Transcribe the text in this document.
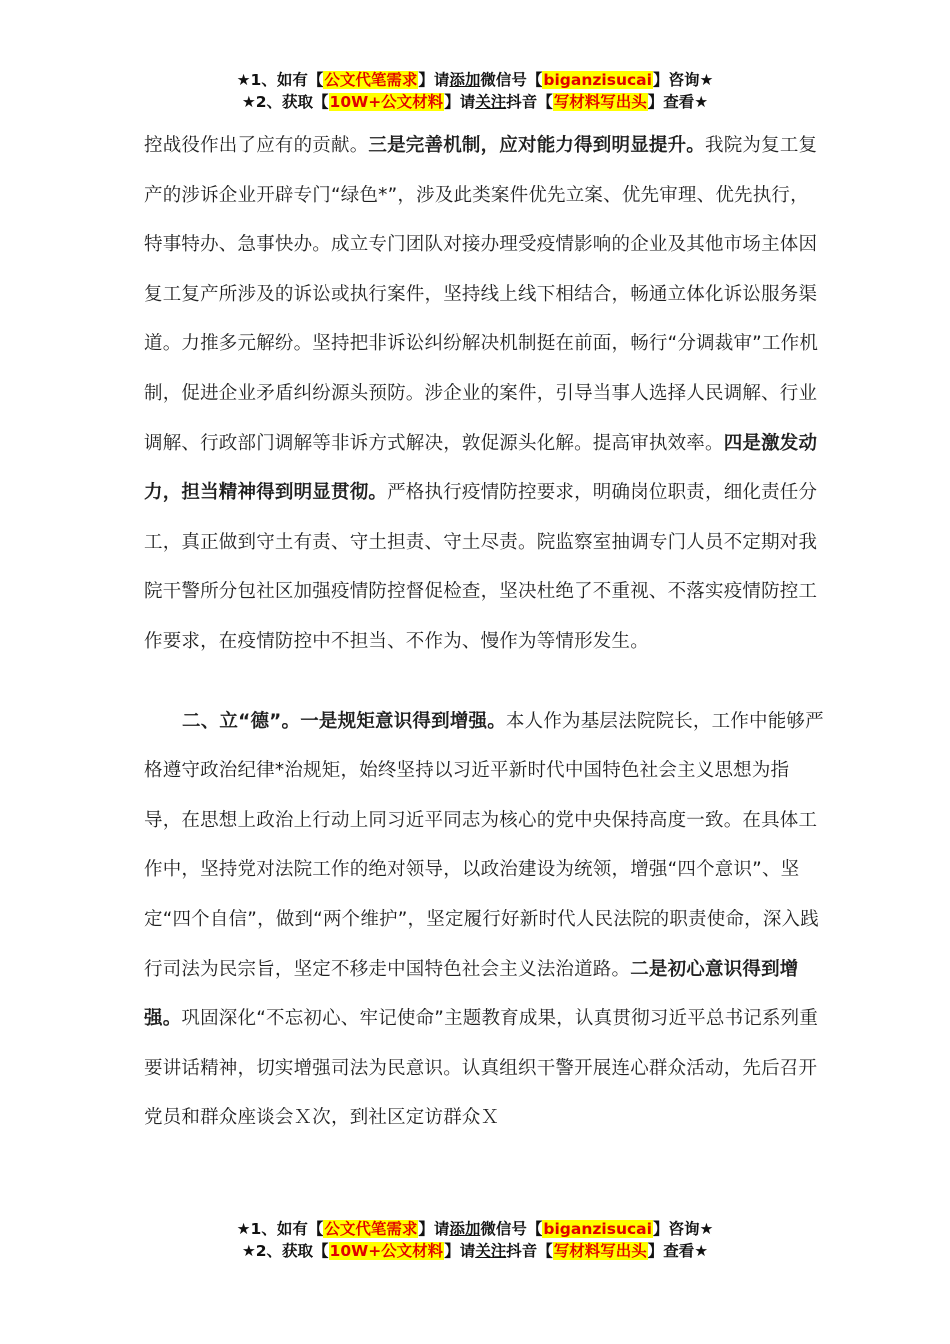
★1、如有【公文代笔需求】请添加微信号【biganzisucai】咨询★
★2、获取【10W+公文材料】请关注抖音【写材料写出头】查看★

控战役作出了应有的贡献。三是完善机制，应对能力得到明显提升。我院为复工复产的涉诉企业开辟专门“绿色*”，涉及此类案件优先立案、优先审理、优先执行，特事特办、急事快办。成立专门团队对接办理受疫情影响的企业及其他市场主体因复工复产所涉及的诉讼或执行案件，坚持线上线下相结合，畅通立体化诉讼服务渠道。力推多元解纷。坚持把非诉讼纠纷解决机制挺在前面，畅行“分调裁审”工作机制，促进企业矛盾纠纷源头预防。涉企业的案件，引导当事人选择人民调解、行业调解、行政部门调解等非诉方式解决，敦促源头化解。提高审执效率。四是激发动力，担当精神得到明显贯彻。严格执行疫情防控要求，明确岗位职责，细化责任分工，真正做到守土有责、守土担责、守土尽责。院监察室抽调专门人员不定期对我院干警所分包社区加强疫情防控督促检查，坚决杜绝了不重视、不落实疫情防控工作要求，在疫情防控中不担当、不作为、慢作为等情形发生。

二、立“德”。一是规矩意识得到增强。本人作为基层法院院长，工作中能够严格遵守政治纪律*治规矩，始终坚持以习近平新时代中国特色社会主义思想为指导，在思想上政治上行动上同习近平同志为核心的党中央保持高度一致。在具体工作中，坚持党对法院工作的绝对领导，以政治建设为统领，增强“四个意识”、坚定“四个自信”，做到“两个维护”，坚定履行好新时代人民法院的职责使命，深入践行司法为民宗旨，坚定不移走中国特色社会主义法治道路。二是初心意识得到增强。巩固深化“不忘初心、牢记使命”主题教育成果，认真贯彻习近平总书记系列重要讲话精神，切实增强司法为民意识。认真组织干警开展连心群众活动，先后召开党员和群众座谈会Ｘ次，到社区定访群众Ｘ

★1、如有【公文代笔需求】请添加微信号【biganzisucai】咨询★
★2、获取【10W+公文材料】请关注抖音【写材料写出头】查看★
